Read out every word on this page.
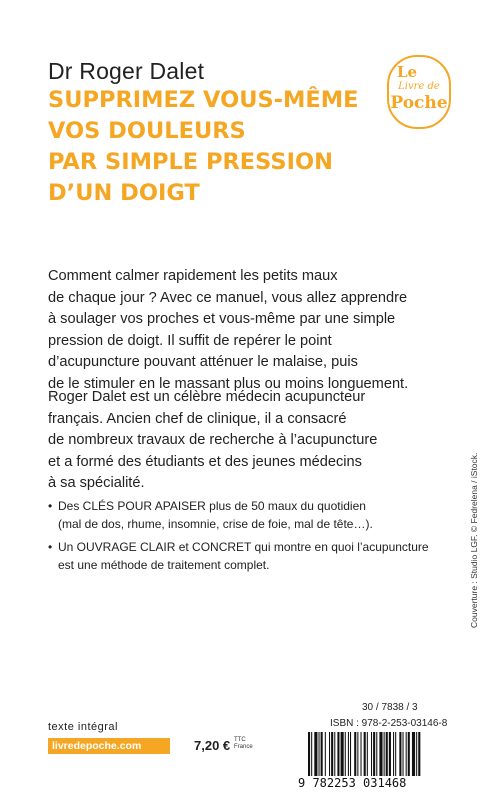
Dr Roger Dalet
SUPPRIMEZ VOUS-MÊME
VOS DOULEURS
PAR SIMPLE PRESSION
D’UN DOIGT
Le
Livre de
Poche
Comment calmer rapidement les petits maux
de chaque jour ? Avec ce manuel, vous allez apprendre
à soulager vos proches et vous-même par une simple
pression de doigt. Il suffit de repérer le point
d’acupuncture pouvant atténuer le malaise, puis
de le stimuler en le massant plus ou moins longuement.
Roger Dalet est un célèbre médecin acupuncteur
français. Ancien chef de clinique, il a consacré
de nombreux travaux de recherche à l’acupuncture
et a formé des étudiants et des jeunes médecins
à sa spécialité.
• Des CLÉS POUR APAISER plus de 50 maux du quotidien
(mal de dos, rhume, insomnie, crise de foie, mal de tête…).
• Un OUVRAGE CLAIR et CONCRET qui montre en quoi l’acupuncture
est une méthode de traitement complet.	Couverture : Studio LGF. © Fedrelena / iStock.
texte intégral
livredepoche.com	7,20 € TTC
France
30 / 7838 / 3
ISBN : 978-2-253-03146-8
9 782253 031468
